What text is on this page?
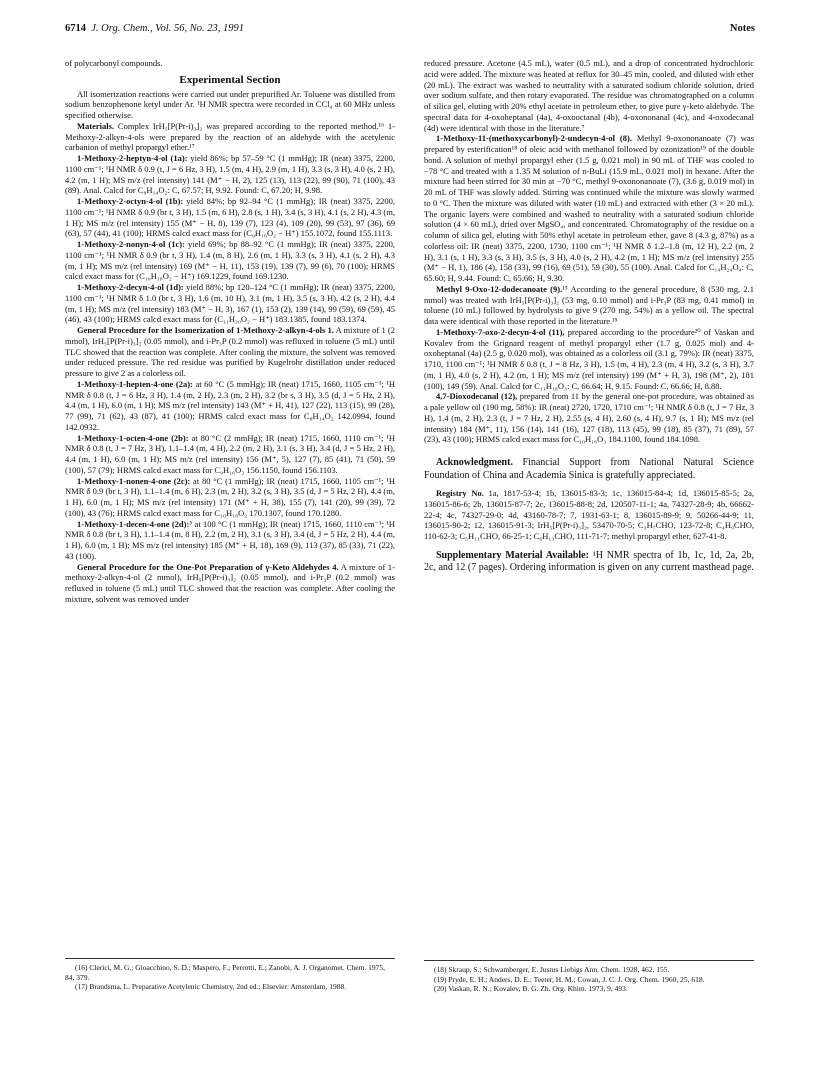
6714 J. Org. Chem., Vol. 56, No. 23, 1991	Notes

of polycarbonyl compounds.

Experimental Section

All isomerization reactions were carried out under prepurified Ar. Toluene was distilled from sodium benzophenone ketyl under Ar. ¹H NMR spectra were recorded in CCl₄ at 60 MHz unless specified otherwise.

Materials. Complex IrH₅[P(Pr-i)₃]₂ was prepared according to the reported method.¹⁶ 1-Methoxy-2-alkyn-4-ols were prepared by the reaction of an aldehyde with the acetylenic carbanion of methyl propargyl ether.¹⁷

1-Methoxy-2-heptyn-4-ol (1a): yield 86%; bp 57–59 °C (1 mmHg); IR (neat) 3375, 2200, 1100 cm⁻¹; ¹H NMR δ 0.9 (t, J = 6 Hz, 3 H), 1.5 (m, 4 H), 2.9 (m, 1 H), 3.3 (s, 3 H), 4.0 (s, 2 H), 4.2 (m, 1 H); MS m/z (rel intensity) 141 (M⁺ − H, 2), 125 (13), 113 (22), 99 (90), 71 (100), 43 (89). Anal. Calcd for C₈H₁₄O₂: C, 67.57; H, 9.92. Found: C, 67.20; H, 9.98.

1-Methoxy-2-octyn-4-ol (1b): yield 84%; bp 92–94 °C (1 mmHg); IR (neat) 3375, 2200, 1100 cm⁻¹; ¹H NMR δ 0.9 (br t, 3 H), 1.5 (m, 6 H), 2.8 (s, 1 H), 3.4 (s, 3 H), 4.1 (s, 2 H), 4.3 (m, 1 H); MS m/z (rel intensity) 155 (M⁺ − H, 8), 139 (7), 123 (4), 109 (20), 99 (53), 97 (36), 69 (63), 57 (44), 41 (100); HRMS calcd exact mass for (C₉H₁₆O₂ − H⁺) 155.1072, found 155.1113.

1-Methoxy-2-nonyn-4-ol (1c): yield 69%; bp 88–92 °C (1 mmHg); IR (neat) 3375, 2200, 1100 cm⁻¹; ¹H NMR δ 0.9 (br t, 3 H), 1.4 (m, 8 H), 2.6 (m, 1 H), 3.3 (s, 3 H), 4.1 (s, 2 H), 4.3 (m, 1 H); MS m/z (rel intensity) 169 (M⁺ − H, 11), 153 (19), 139 (7), 99 (6), 70 (100); HRMS calcd exact mass for (C₁₀H₁₈O₂ − H⁺) 169.1229, found 169.1230.

1-Methoxy-2-decyn-4-ol (1d): yield 88%; bp 120–124 °C (1 mmHg); IR (neat) 3375, 2200, 1100 cm⁻¹; ¹H NMR δ 1.0 (br t, 3 H), 1.6 (m, 10 H), 3.1 (m, 1 H), 3.5 (s, 3 H), 4.2 (s, 2 H), 4.4 (m, 1 H); MS m/z (rel intensity) 183 (M⁺ − H, 3), 167 (1), 153 (2), 139 (14), 99 (59), 69 (59), 45 (46), 43 (100); HRMS calcd exact mass for (C₁₁H₂₀O₂ − H⁺) 183.1385, found 183.1374.

General Procedure for the Isomerization of 1-Methoxy-2-alkyn-4-ols 1. A mixture of 1 (2 mmol), IrH₅[P(Pr-i)₃]₂ (0.05 mmol), and i-Pr₃P (0.2 mmol) was refluxed in toluene (5 mL) until TLC showed that the reaction was complete. After cooling the mixture, the solvent was removed under reduced pressure. The red residue was purified by Kugelrohr distillation under reduced pressure to give 2 as a colorless oil.

1-Methoxy-1-hepten-4-one (2a): at 60 °C (5 mmHg); IR (neat) 1715, 1660, 1105 cm⁻¹; ¹H NMR δ 0.8 (t, J = 6 Hz, 3 H), 1.4 (m, 2 H), 2.3 (m, 2 H), 3.2 (br s, 3 H), 3.5 (d, J = 5 Hz, 2 H), 4.4 (m, 1 H), 6.0 (m, 1 H); MS m/z (rel intensity) 143 (M⁺ + H, 41), 127 (22), 113 (15), 99 (28), 77 (99), 71 (62), 43 (87), 41 (100); HRMS calcd exact mass for C₈H₁₄O₂ 142.0994, found 142.0932.

1-Methoxy-1-octen-4-one (2b): at 80 °C (2 mmHg); IR (neat) 1715, 1660, 1110 cm⁻¹; ¹H NMR δ 0.8 (t, J = 7 Hz, 3 H), 1.1–1.4 (m, 4 H), 2.2 (m, 2 H), 3.1 (s, 3 H), 3.4 (d, J = 5 Hz, 2 H), 4.4 (m, 1 H), 6.0 (m, 1 H); MS m/z (rel intensity) 156 (M⁺, 5), 127 (7), 85 (41), 71 (50), 59 (100), 57 (79); HRMS calcd exact mass for C₉H₁₆O₂ 156.1150, found 156.1103.

1-Methoxy-1-nonen-4-one (2c): at 80 °C (1 mmHg); IR (neat) 1715, 1660, 1105 cm⁻¹; ¹H NMR δ 0.9 (br t, 3 H), 1.1–1.4 (m, 6 H), 2.3 (m, 2 H), 3.2 (s, 3 H), 3.5 (d, J = 5 Hz, 2 H), 4.4 (m, 1 H), 6.0 (m, 1 H); MS m/z (rel intensity) 171 (M⁺ + H, 38), 155 (7), 141 (20), 99 (39), 72 (100), 43 (76); HRMS calcd exact mass for C₁₀H₁₈O₂ 170.1307, found 170.1280.

1-Methoxy-1-decen-4-one (2d):⁵ at 100 °C (1 mmHg); IR (neat) 1715, 1660, 1110 cm⁻¹; ¹H NMR δ 0.8 (br t, 3 H), 1.1–1.4 (m, 8 H), 2.2 (m, 2 H), 3.1 (s, 3 H), 3.4 (d, J = 5 Hz, 2 H), 4.4 (m, 1 H), 6.0 (m, 1 H); MS m/z (rel intensity) 185 (M⁺ + H, 18), 169 (9), 113 (37), 85 (33), 71 (22), 43 (100).

General Procedure for the One-Pot Preparation of γ-Keto Aldehydes 4. A mixture of 1-methoxy-2-alkyn-4-ol (2 mmol), IrH₅[P(Pr-i)₃]₂ (0.05 mmol), and i-Pr₃P (0.2 mmol) was refluxed in toluene (5 mL) until TLC showed that the reaction was complete. After cooling the mixture, solvent was removed under

reduced pressure. Acetone (4.5 mL), water (0.5 mL), and a drop of concentrated hydrochloric acid were added. The mixture was heated at reflux for 30–45 min, cooled, and diluted with ether (20 mL). The extract was washed to neutrality with a saturated sodium chloride solution, dried over sodium sulfate, and then rotary evaporated. The residue was chromatographed on a column of silica gel, eluting with 20% ethyl acetate in petroleum ether, to give pure γ-keto aldehyde. The spectral data for 4-oxoheptanal (4a), 4-oxooctanal (4b), 4-oxononanal (4c), and 4-oxodecanal (4d) were identical with those in the literature.⁷

1-Methoxy-11-(methoxycarbonyl)-2-undecyn-4-ol (8). Methyl 9-oxononanoate (7) was prepared by esterification¹⁸ of oleic acid with methanol followed by ozonization¹⁹ of the double bond. A solution of methyl propargyl ether (1.5 g, 0.021 mol) in 90 mL of THF was cooled to −78 °C and treated with a 1.35 M solution of n-BuLi (15.9 mL, 0.021 mol) in hexane. After the mixture had been stirred for 30 min at −70 °C, methyl 9-oxononanoate (7), (3.6 g, 0.019 mol) in 20 mL of THF was slowly added. Stirring was continued while the mixture was slowly warmed to 0 °C. Then the mixture was diluted with water (10 mL) and extracted with ether (3 × 20 mL). The organic layers were combined and washed to neutrality with a saturated sodium chloride solution (4 × 60 mL), dried over MgSO₄, and concentrated. Chromatography of the residue on a column of silica gel, eluting with 50% ethyl acetate in petroleum ether, gave 8 (4.3 g, 87%) as a colorless oil: IR (neat) 3375, 2200, 1730, 1100 cm⁻¹; ¹H NMR δ 1.2–1.8 (m, 12 H), 2.2 (m, 2 H), 3.1 (s, 1 H), 3.3 (s, 3 H), 3.5 (s, 3 H), 4.0 (s, 2 H), 4.2 (m, 1 H); MS m/z (rel intensity) 255 (M⁺ − H, 1), 186 (4), 158 (33), 99 (16), 69 (51), 59 (30), 55 (100). Anal. Calcd for C₁₄H₂₄O₄: C, 65.60; H, 9.44. Found: C, 65.66; H, 9.30.

Methyl 9-Oxo-12-dodecanoate (9).¹⁵ According to the general procedure, 8 (530 mg, 2.1 mmol) was treated with IrH₅[P(Pr-i)₃]₂ (53 mg, 0.10 mmol) and i-Pr₃P (83 mg, 0.41 mmol) in toluene (10 mL) followed by hydrolysis to give 9 (270 mg, 54%) as a yellow oil. The spectral data were identical with those reported in the literature.¹⁵

1-Methoxy-7-oxo-2-decyn-4-ol (11), prepared according to the procedure²⁰ of Vaskan and Kovalev from the Grignard reagent of methyl propargyl ether (1.7 g, 0.025 mol) and 4-oxoheptanal (4a) (2.5 g, 0.020 mol), was obtained as a colorless oil (3.1 g, 79%): IR (neat) 3375, 1710, 1100 cm⁻¹; ¹H NMR δ 0.8 (t, J = 8 Hz, 3 H), 1.5 (m, 4 H), 2.3 (m, 4 H), 3.2 (s, 3 H), 3.7 (m, 1 H), 4.0 (s, 2 H), 4.2 (m, 1 H); MS m/z (rel intensity) 199 (M⁺ + H, 3), 198 (M⁺, 2), 181 (100), 149 (59). Anal. Calcd for C₁₁H₁₈O₃: C, 66.64; H, 9.15. Found: C, 66.66; H, 8.88.

4,7-Dioxodecanal (12), prepared from 11 by the general one-pot procedure, was obtained as a pale yellow oil (190 mg, 58%): IR (neat) 2720, 1720, 1710 cm⁻¹; ¹H NMR δ 0.8 (t, J = 7 Hz, 3 H), 1.4 (m, 2 H), 2.3 (t, J = 7 Hz, 2 H), 2.55 (s, 4 H), 2.60 (s, 4 H), 9.7 (s, 1 H); MS m/z (rel intensity) 184 (M⁺, 11), 156 (14), 141 (16), 127 (18), 113 (45), 99 (18), 85 (37), 71 (89), 57 (23), 43 (100); HRMS calcd exact mass for C₁₀H₁₆O₃ 184.1100, found 184.1098.

Acknowledgment. Financial Support from National Natural Science Foundation of China and Academia Sinica is gratefully appreciated.

Registry No. 1a, 1817-53-4; 1b, 136015-83-3; 1c, 136015-84-4; 1d, 136015-85-5; 2a, 136015-86-6; 2b, 136015-87-7; 2c, 136015-88-8; 2d, 120507-11-1; 4a, 74327-28-9; 4b, 66662-22-4; 4c, 74327-29-0; 4d, 43160-78-7; 7, 1931-63-1; 8, 136015-89-9; 9, 50266-44-9; 11, 136015-90-2; 12, 136015-91-3; IrH₅[P(Pr-i)₃]₂, 53470-70-5; C₃H₇CHO, 123-72-8; C₄H₉CHO, 110-62-3; C₅H₁₁CHO, 66-25-1; C₆H₁₃CHO, 111-71-7; methyl propargyl ether, 627-41-8.

Supplementary Material Available: ¹H NMR spectra of 1b, 1c, 1d, 2a, 2b, 2c, and 12 (7 pages). Ordering information is given on any current masthead page.

(16) Clerici, M. G.; Gioacchino, S. D.; Maspero, F.; Perrotti, E.; Zanobi, A. J. Organomet. Chem. 1975, 84, 379.

(17) Brandsma, L. Preparative Acetylenic Chemistry, 2nd ed.; Elsevier: Amsterdam, 1988.

(18) Skraup, S.; Schwamberger, E. Justus Liebigs Ann. Chem. 1928, 462, 155.

(19) Pryde, E. H.; Anders, D. E.; Teeter, H. M.; Cowan, J. C. J. Org. Chem. 1960, 25, 618.

(20) Vaskan, R. N.; Kovalev, B. G. Zh. Org. Khim. 1973, 9, 493.
